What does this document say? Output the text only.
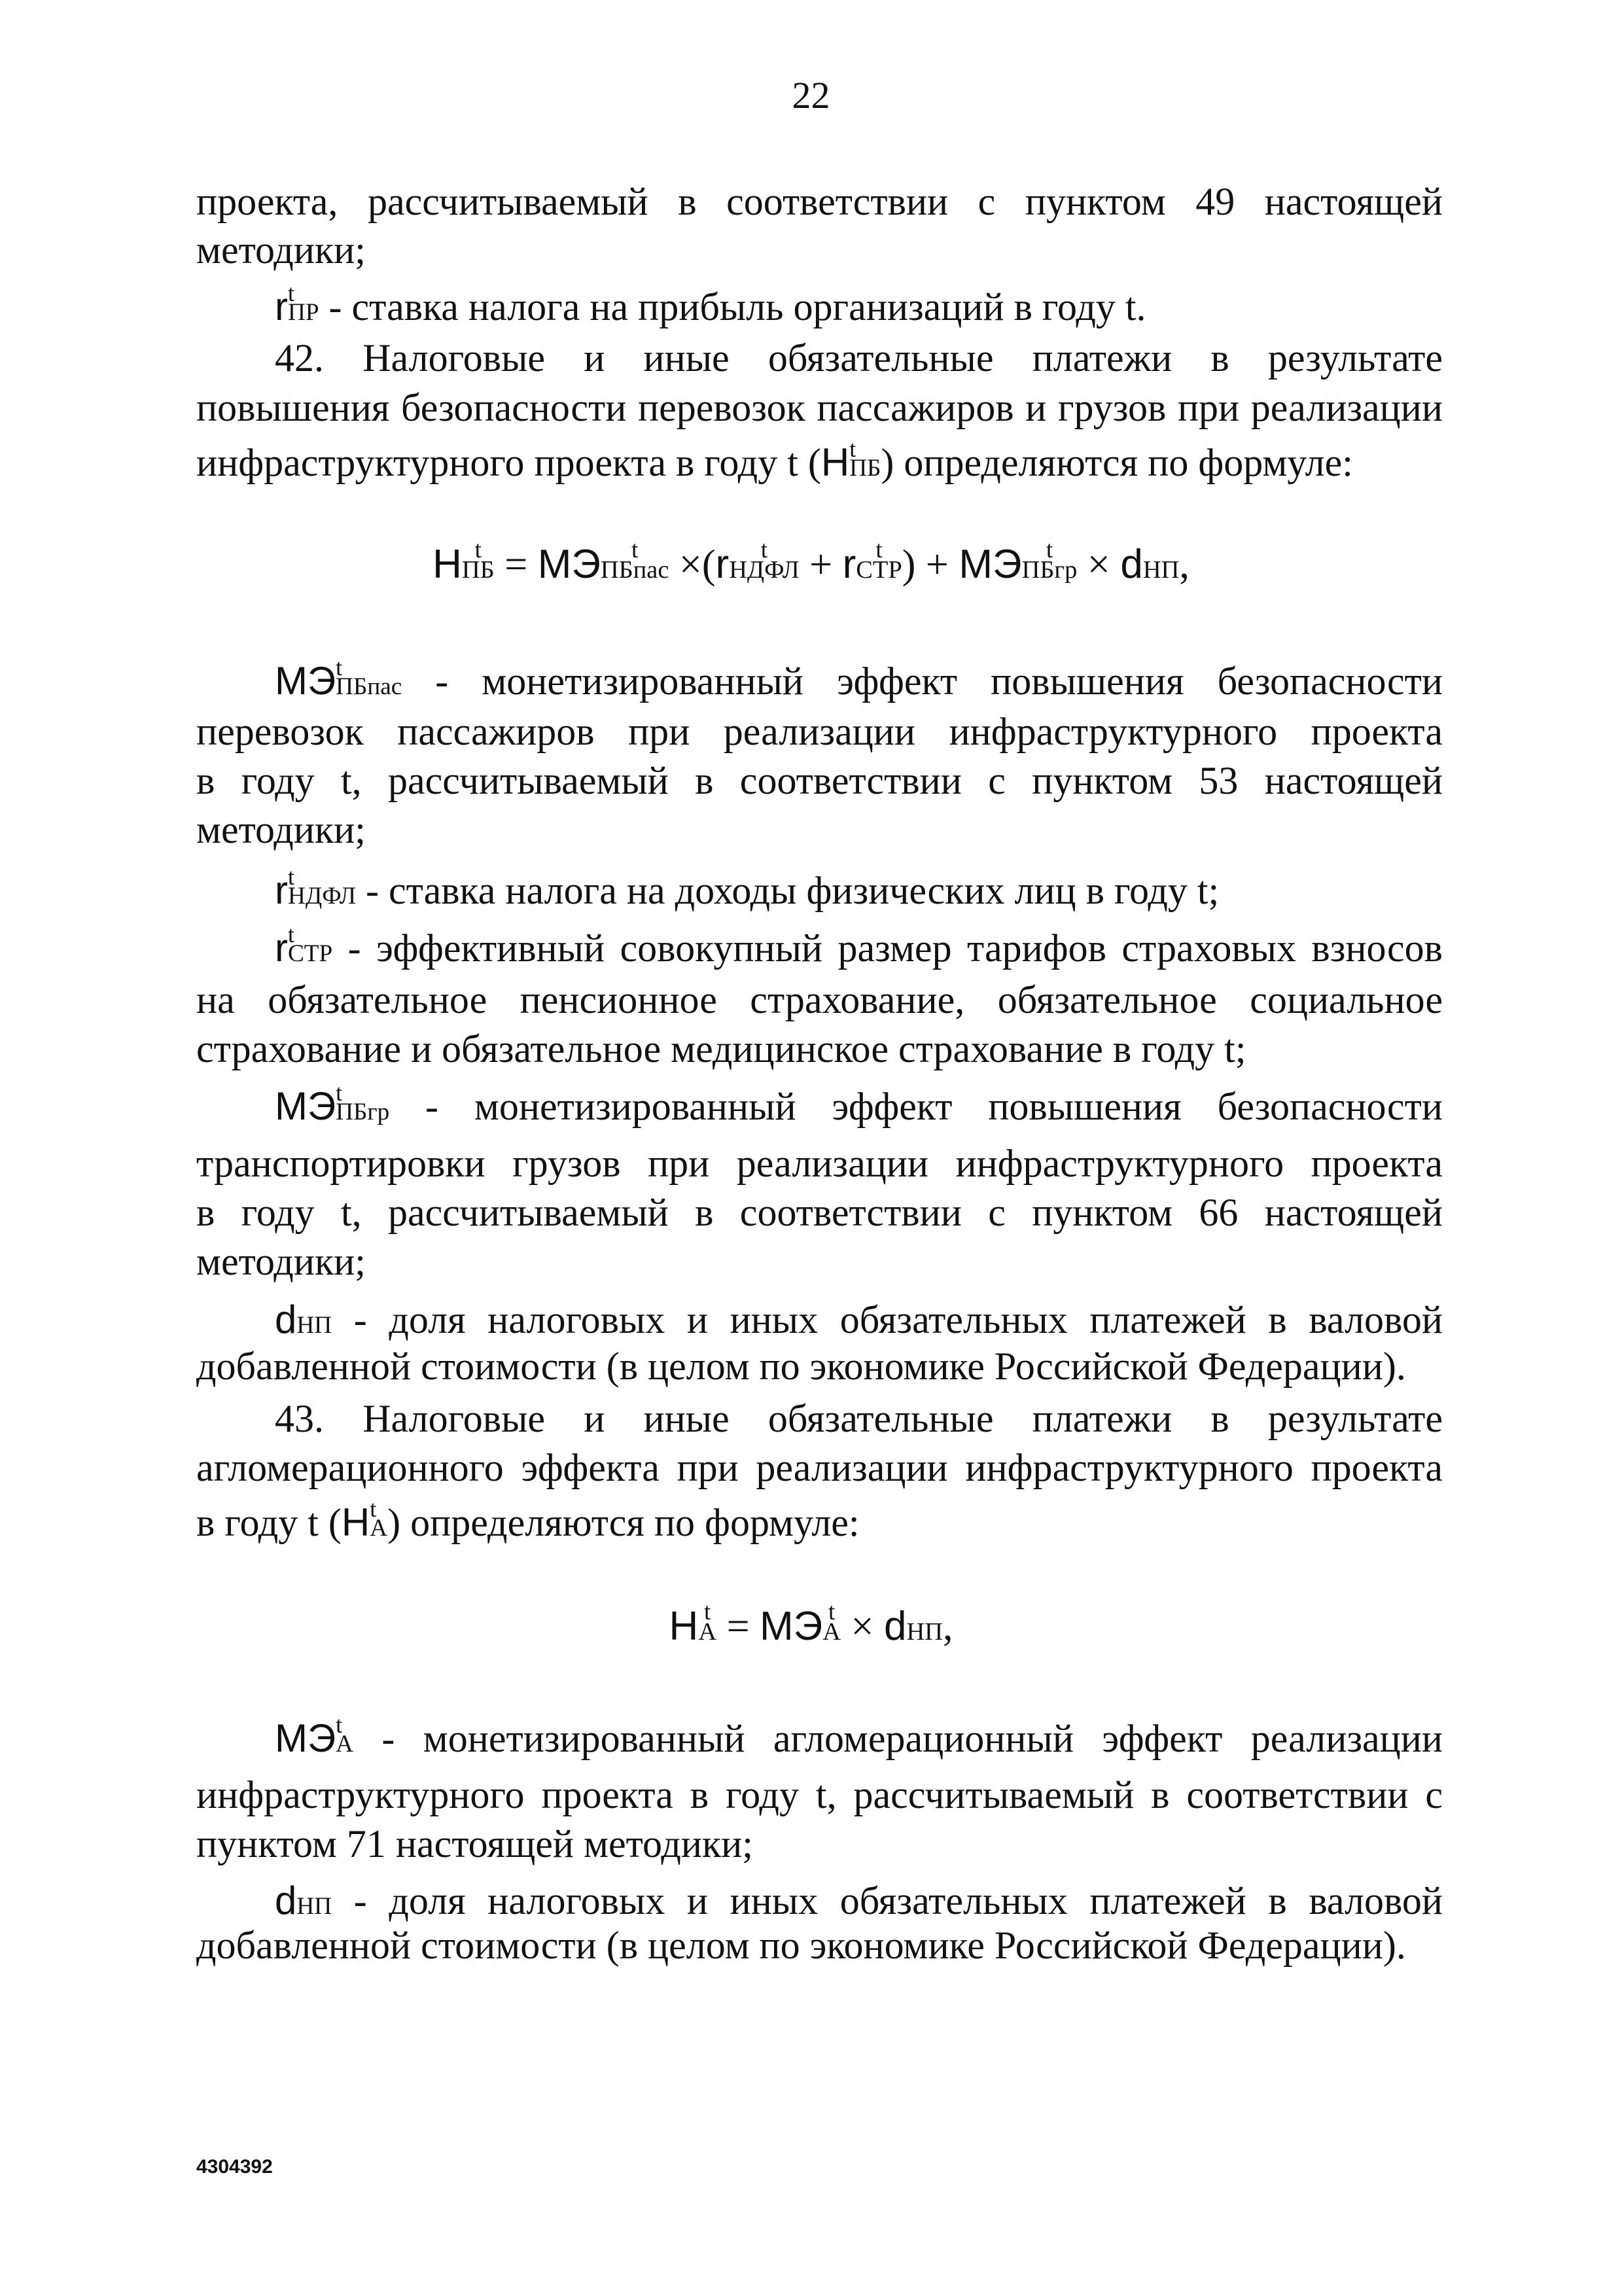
22
проекта, рассчитываемый в соответствии с пунктом 49 настоящей
методики;
r t
ПР - ставка налога на прибыль организаций в году t.
42. Налоговые и иные обязательные платежи в результате
повышения безопасности перевозок пассажиров и грузов при реализации
инфраструктурного проекта в году t (H t
ПБ ) определяются по формуле:
H t
ПБ = МЭ	t
ПБпас ×(r	t
НДФЛ + r t
СТР ) + МЭ	t
ПБгр × d
НП ,
МЭ t
ПБпас - монетизированный эффект повышения безопасности
перевозок пассажиров при реализации инфраструктурного проекта
в году t, рассчитываемый в соответствии с пунктом 53 настоящей
методики;
r t
НДФЛ - ставка налога на доходы физических лиц в году t;
r t
СТР - эффективный совокупный размер тарифов страховых взносов
на обязательное пенсионное страхование, обязательное социальное
страхование и обязательное медицинское страхование в году t;
МЭ t
ПБгр - монетизированный эффект повышения безопасности
транспортировки грузов при реализации инфраструктурного проекта
в году t, рассчитываемый в соответствии с пунктом 66 настоящей
методики;
d
НП - доля налоговых и иных обязательных платежей в валовой
добавленной стоимости (в целом по экономике Российской Федерации).
43. Налоговые и иные обязательные платежи в результате
агломерационного эффекта при реализации инфраструктурного проекта
в году t (H t
А ) определяются по формуле:
H t
А = МЭ t
А × d
НП ,
МЭ t
А - монетизированный агломерационный эффект реализации
инфраструктурного проекта в году t, рассчитываемый в соответствии с
пунктом 71 настоящей методики;
d
НП - доля налоговых и иных обязательных платежей в валовой
добавленной стоимости (в целом по экономике Российской Федерации).
4304392
